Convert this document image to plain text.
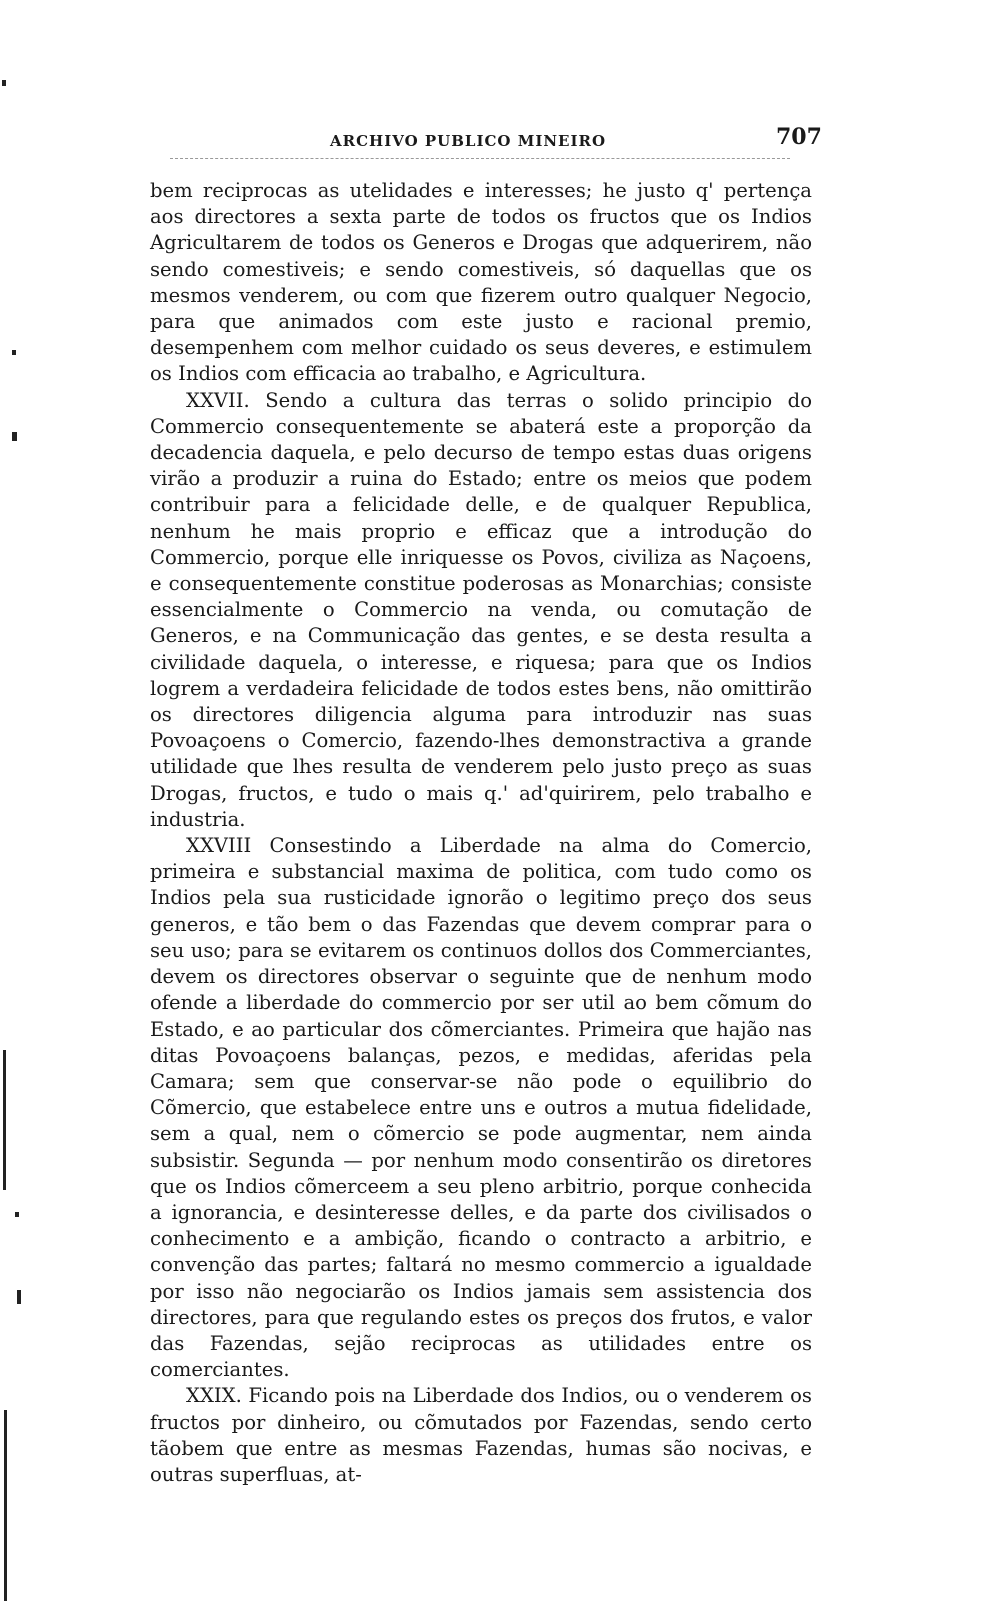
ARCHIVO PUBLICO MINEIRO	707

bem reciprocas as utelidades e interesses; he justo q' pertença aos directores a sexta parte de todos os fructos que os Indios Agricultarem de todos os Generos e Drogas que adquerirem, não sendo comestiveis; e sendo comestiveis, só daquellas que os mesmos venderem, ou com que fizerem outro qualquer Negocio, para que animados com este justo e racional premio, desempenhem com melhor cuidado os seus deveres, e estimulem os Indios com efficacia ao trabalho, e Agricultura.

XXVII. Sendo a cultura das terras o solido principio do Commercio consequentemente se abaterá este a proporção da decadencia daquela, e pelo decurso de tempo estas duas origens virão a produzir a ruina do Estado; entre os meios que podem contribuir para a felicidade delle, e de qualquer Republica, nenhum he mais proprio e efficaz que a introdução do Commercio, porque elle inriquesse os Povos, civiliza as Naçoens, e consequentemente constitue poderosas as Monarchias; consiste essencialmente o Commercio na venda, ou comutação de Generos, e na Communicação das gentes, e se desta resulta a civilidade daquela, o interesse, e riquesa; para que os Indios logrem a verdadeira felicidade de todos estes bens, não omittirão os directores diligencia alguma para introduzir nas suas Povoaçoens o Comercio, fazendo-lhes demonstractiva a grande utilidade que lhes resulta de venderem pelo justo preço as suas Drogas, fructos, e tudo o mais q.' ad'quirirem, pelo trabalho e industria.

XXVIII Consestindo a Liberdade na alma do Comercio, primeira e substancial maxima de politica, com tudo como os Indios pela sua rusticidade ignorão o legitimo preço dos seus generos, e tão bem o das Fazendas que devem comprar para o seu uso; para se evitarem os continuos dollos dos Commerciantes, devem os directores observar o seguinte que de nenhum modo ofende a liberdade do commercio por ser util ao bem cõmum do Estado, e ao particular dos cõmerciantes. Primeira que hajão nas ditas Povoaçoens balanças, pezos, e medidas, aferidas pela Camara; sem que conservar-se não pode o equilibrio do Cõmercio, que estabelece entre uns e outros a mutua fidelidade, sem a qual, nem o cõmercio se pode augmentar, nem ainda subsistir. Segunda — por nenhum modo consentirão os diretores que os Indios cõmerceem a seu pleno arbitrio, porque conhecida a ignorancia, e desinteresse delles, e da parte dos civilisados o conhecimento e a ambição, ficando o contracto a arbitrio, e convenção das partes; faltará no mesmo commercio a igualdade por isso não negociarão os Indios jamais sem assistencia dos directores, para que regulando estes os preços dos frutos, e valor das Fazendas, sejão reciprocas as utilidades entre os comerciantes.

XXIX. Ficando pois na Liberdade dos Indios, ou o venderem os fructos por dinheiro, ou cõmutados por Fazendas, sendo certo tãobem que entre as mesmas Fazendas, humas são nocivas, e outras superfluas, at-
